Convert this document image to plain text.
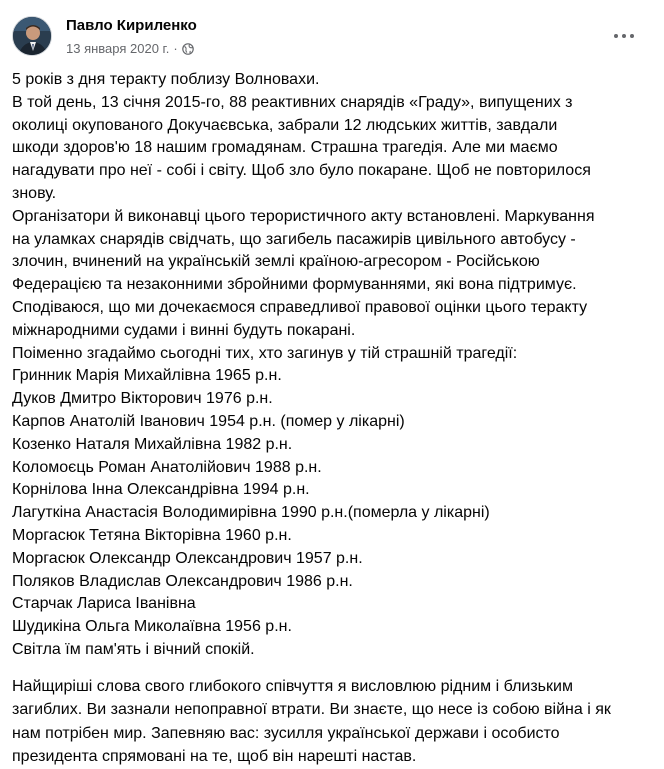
Павло Кириленко
13 января 2020 г. ·
5 років з дня теракту поблизу Волновахи.
В той день, 13 січня 2015-го, 88 реактивних снарядів «Граду», випущених з
околиці окупованого Докучаєвська, забрали 12 людських життів, завдали
шкоди здоров'ю 18 нашим громадянам. Страшна трагедія. Але ми маємо
нагадувати про неї - собі і світу. Щоб зло було покаране. Щоб не повторилося
знову.
Організатори й виконавці цього терористичного акту встановлені. Маркування
на уламках снарядів свідчать, що загибель пасажирів цивільного автобусу -
злочин, вчинений на українській землі країною-агресором - Російською
Федерацією та незаконними збройними формуваннями, які вона підтримує.
Сподіваюся, що ми дочекаємося справедливої правової оцінки цього теракту
міжнародними судами і винні будуть покарані.
Поіменно згадаймо сьогодні тих, хто загинув у тій страшній трагедії:
Гринник Марія Михайлівна 1965 р.н.
Дуков Дмитро Вікторович 1976 р.н.
Карпов Анатолій Іванович 1954 р.н. (помер у лікарні)
Козенко Наталя Михайлівна 1982 р.н.
Коломоєць Роман Анатолійович 1988 р.н.
Корнілова Інна Олександрівна 1994 р.н.
Лагуткіна Анастасія Володимирівна 1990 р.н.(померла у лікарні)
Моргасюк Тетяна Вікторівна 1960 р.н.
Моргасюк Олександр Олександрович 1957 р.н.
Поляков Владислав Олександрович 1986 р.н.
Старчак Лариса Іванівна
Шудикіна Ольга Миколаївна 1956 р.н.
Світла їм пам'ять і вічний спокій.
Найщиріші слова свого глибокого співчуття я висловлюю рідним і близьким
загиблих. Ви зазнали непоправної втрати. Ви знаєте, що несе із собою війна і як
нам потрібен мир. Запевняю вас: зусилля української держави і особисто
президента спрямовані на те, щоб він нарешті настав.
